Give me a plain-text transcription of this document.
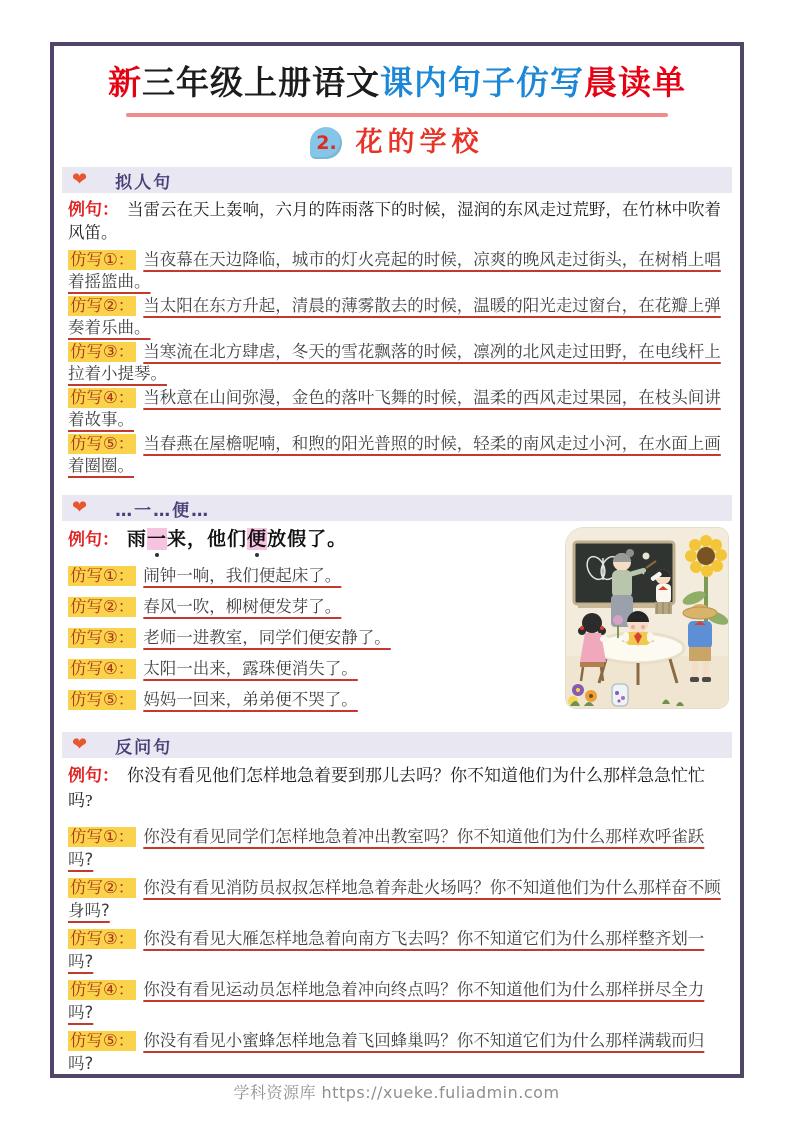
新三年级上册语文课内句子仿写晨读单
2. 花的学校
❤ 拟人句

例句： 当雷云在天上轰响，六月的阵雨落下的时候，湿润的东风走过荒野，在竹林中吹着风笛。

仿写①： 当夜幕在天边降临，城市的灯火亮起的时候，凉爽的晚风走过街头，在树梢上唱着摇篮曲。

仿写②： 当太阳在东方升起，清晨的薄雾散去的时候，温暖的阳光走过窗台，在花瓣上弹奏着乐曲。

仿写③： 当寒流在北方肆虐，冬天的雪花飘落的时候，凛冽的北风走过田野，在电线杆上拉着小提琴。

仿写④： 当秋意在山间弥漫，金色的落叶飞舞的时候，温柔的西风走过果园，在枝头间讲着故事。

仿写⑤： 当春燕在屋檐呢喃，和煦的阳光普照的时候，轻柔的南风走过小河，在水面上画着圈圈。

❤ …一…便…

例句： 雨一来，他们便放假了。

仿写①： 闹钟一响，我们便起床了。

仿写②： 春风一吹，柳树便发芽了。

仿写③： 老师一进教室，同学们便安静了。

仿写④： 太阳一出来，露珠便消失了。

仿写⑤： 妈妈一回来，弟弟便不哭了。

❤ 反问句

例句： 你没有看见他们怎样地急着要到那儿去吗？你不知道他们为什么那样急急忙忙吗?

仿写①： 你没有看见同学们怎样地急着冲出教室吗？你不知道他们为什么那样欢呼雀跃吗?

仿写②： 你没有看见消防员叔叔怎样地急着奔赴火场吗？你不知道他们为什么那样奋不顾身吗?

仿写③： 你没有看见大雁怎样地急着向南方飞去吗？你不知道它们为什么那样整齐划一吗?

仿写④： 你没有看见运动员怎样地急着冲向终点吗？你不知道他们为什么那样拼尽全力吗?

仿写⑤： 你没有看见小蜜蜂怎样地急着飞回蜂巢吗？你不知道它们为什么那样满载而归吗?

学科资源库 https://xueke.fuliadmin.com
